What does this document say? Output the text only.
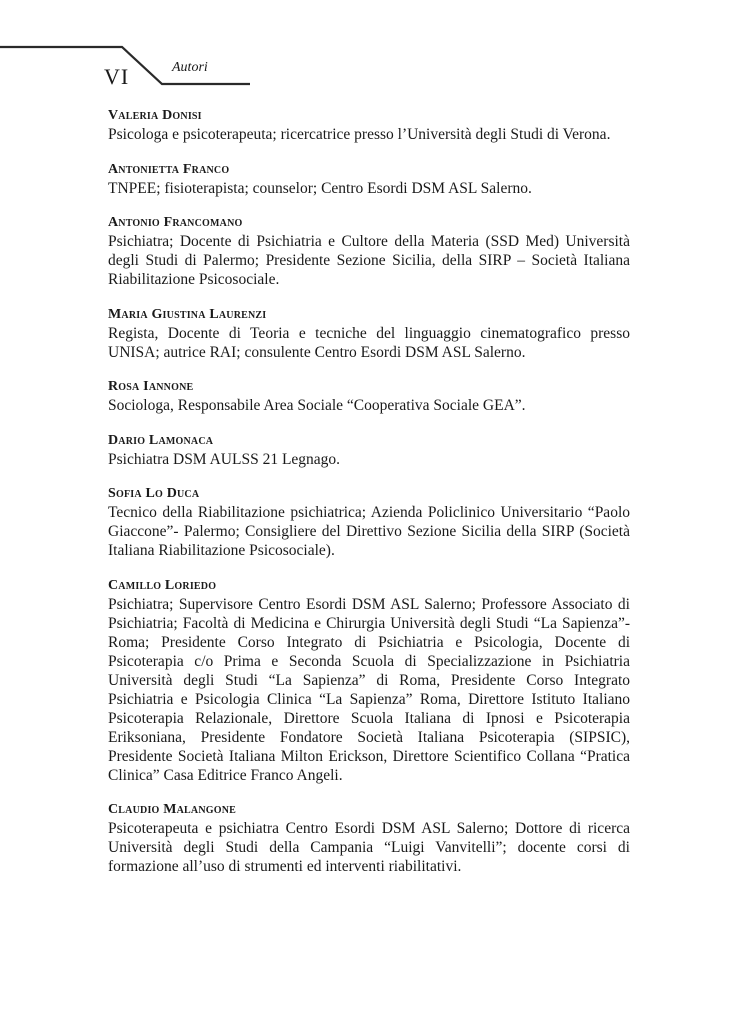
VI	Autori
Valeria Donisi

Psicologa e psicoterapeuta; ricercatrice presso l’Università degli Studi di Verona.

Antonietta Franco

TNPEE; fisioterapista; counselor; Centro Esordi DSM ASL Salerno.

Antonio Francomano

Psichiatra; Docente di Psichiatria e Cultore della Materia (SSD Med) Università degli Studi di Palermo; Presidente Sezione Sicilia, della SIRP – Società Italiana Riabilitazione Psicosociale.

Maria Giustina Laurenzi

Regista, Docente di Teoria e tecniche del linguaggio cinematografico presso UNISA; autrice RAI; consulente Centro Esordi DSM ASL Salerno.

Rosa Iannone

Sociologa, Responsabile Area Sociale “Cooperativa Sociale GEA”.

Dario Lamonaca

Psichiatra DSM AULSS 21 Legnago.

Sofia Lo Duca

Tecnico della Riabilitazione psichiatrica; Azienda Policlinico Universitario “Paolo Giaccone”- Palermo; Consigliere del Direttivo Sezione Sicilia della SIRP (Società Italiana Riabilitazione Psicosociale).

Camillo Loriedo

Psichiatra; Supervisore Centro Esordi DSM ASL Salerno; Professore Associato di Psichiatria; Facoltà di Medicina e Chirurgia Università degli Studi “La Sapienza”- Roma; Presidente Corso Integrato di Psichiatria e Psicologia, Docente di Psicoterapia c/o Prima e Seconda Scuola di Specializzazione in Psichiatria Università degli Studi “La Sapienza” di Roma, Presidente Corso Integrato Psichiatria e Psicologia Clinica “La Sapienza” Roma, Direttore Istituto Italiano Psicoterapia Relazionale, Direttore Scuola Italiana di Ipnosi e Psicoterapia Eriksoniana, Presidente Fondatore Società Italiana Psicoterapia (SIPSIC), Presidente Società Italiana Milton Erickson, Direttore Scientifico Collana “Pratica Clinica” Casa Editrice Franco Angeli.

Claudio Malangone

Psicoterapeuta e psichiatra Centro Esordi DSM ASL Salerno; Dottore di ricerca Università degli Studi della Campania “Luigi Vanvitelli”; docente corsi di formazione all’uso di strumenti ed interventi riabilitativi.
